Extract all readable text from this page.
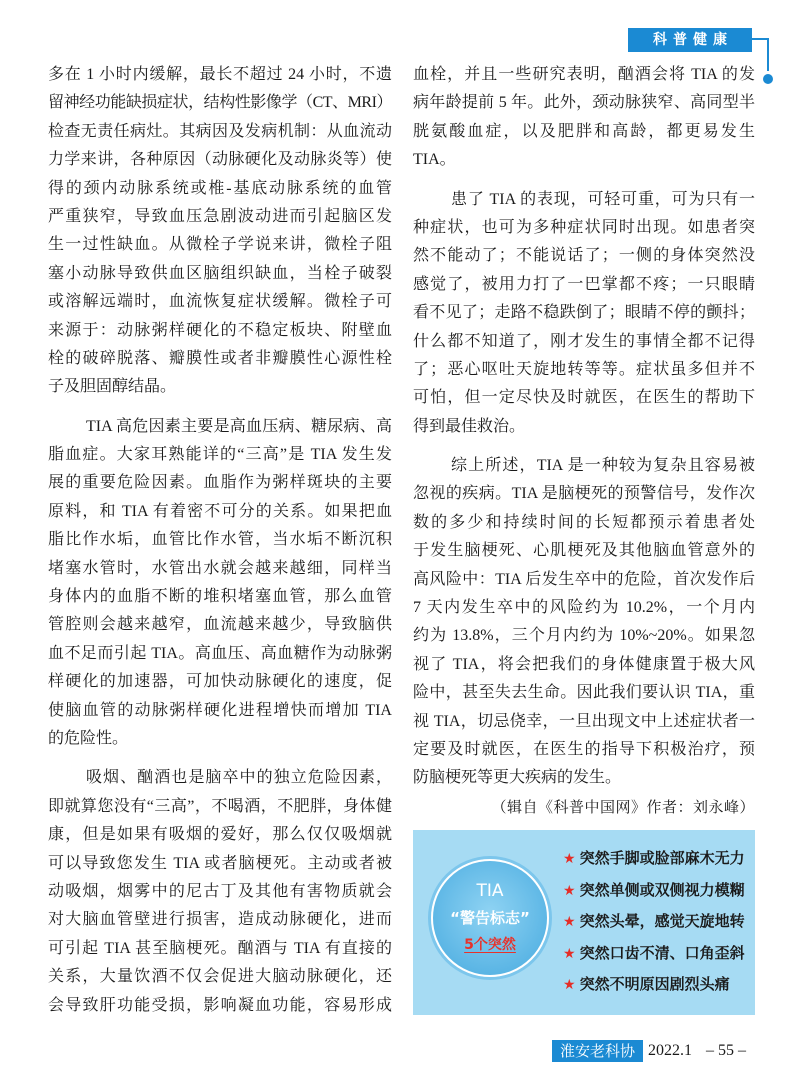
科普健康
多在 1 小时内缓解，最长不超过 24 小时，不遗
留神经功能缺损症状，结构性影像学（CT、MRI）
检查无责任病灶。其病因及发病机制：从血流动
力学来讲，各种原因（动脉硬化及动脉炎等）使
得的颈内动脉系统或椎-基底动脉系统的血管
严重狭窄，导致血压急剧波动进而引起脑区发
生一过性缺血。从微栓子学说来讲，微栓子阻
塞小动脉导致供血区脑组织缺血，当栓子破裂
或溶解远端时，血流恢复症状缓解。微栓子可
来源于：动脉粥样硬化的不稳定板块、附壁血
栓的破碎脱落、瓣膜性或者非瓣膜性心源性栓
子及胆固醇结晶。
TIA 高危因素主要是高血压病、糖尿病、高
脂血症。大家耳熟能详的“三高”是 TIA 发生发
展的重要危险因素。血脂作为粥样斑块的主要
原料，和 TIA 有着密不可分的关系。如果把血
脂比作水垢，血管比作水管，当水垢不断沉积
堵塞水管时，水管出水就会越来越细，同样当
身体内的血脂不断的堆积堵塞血管，那么血管
管腔则会越来越窄，血流越来越少，导致脑供
血不足而引起 TIA。高血压、高血糖作为动脉粥
样硬化的加速器，可加快动脉硬化的速度，促
使脑血管的动脉粥样硬化进程增快而增加 TIA
的危险性。
吸烟、酗酒也是脑卒中的独立危险因素，
即就算您没有“三高”，不喝酒，不肥胖，身体健
康，但是如果有吸烟的爱好，那么仅仅吸烟就
可以导致您发生 TIA 或者脑梗死。主动或者被
动吸烟，烟雾中的尼古丁及其他有害物质就会
对大脑血管壁进行损害，造成动脉硬化，进而
可引起 TIA 甚至脑梗死。酗酒与 TIA 有直接的
关系，大量饮酒不仅会促进大脑动脉硬化，还
会导致肝功能受损，影响凝血功能，容易形成
血栓，并且一些研究表明，酗酒会将 TIA 的发
病年龄提前 5 年。此外，颈动脉狭窄、高同型半
胱氨酸血症，以及肥胖和高龄，都更易发生
TIA。
患了 TIA 的表现，可轻可重，可为只有一
种症状，也可为多种症状同时出现。如患者突
然不能动了；不能说话了；一侧的身体突然没
感觉了，被用力打了一巴掌都不疼；一只眼睛
看不见了；走路不稳跌倒了；眼睛不停的颤抖；
什么都不知道了，刚才发生的事情全都不记得
了；恶心呕吐天旋地转等等。症状虽多但并不
可怕，但一定尽快及时就医，在医生的帮助下
得到最佳救治。
综上所述，TIA 是一种较为复杂且容易被
忽视的疾病。TIA 是脑梗死的预警信号，发作次
数的多少和持续时间的长短都预示着患者处
于发生脑梗死、心肌梗死及其他脑血管意外的
高风险中：TIA 后发生卒中的危险，首次发作后
7 天内发生卒中的风险约为 10.2%，一个月内
约为 13.8%，三个月内约为 10%~20%。如果忽
视了 TIA，将会把我们的身体健康置于极大风
险中，甚至失去生命。因此我们要认识 TIA，重
视 TIA，切忌侥幸，一旦出现文中上述症状者一
定要及时就医，在医生的指导下积极治疗，预
防脑梗死等更大疾病的发生。
（辑自《科普中国网》作者：刘永峰）
TIA
“警告标志”
5个突然
★ 突然手脚或脸部麻木无力
★ 突然单侧或双侧视力模糊
★ 突然头晕，感觉天旋地转
★ 突然口齿不清、口角歪斜
★ 突然不明原因剧烈头痛
淮安老科协 2022.1 – 55 –
